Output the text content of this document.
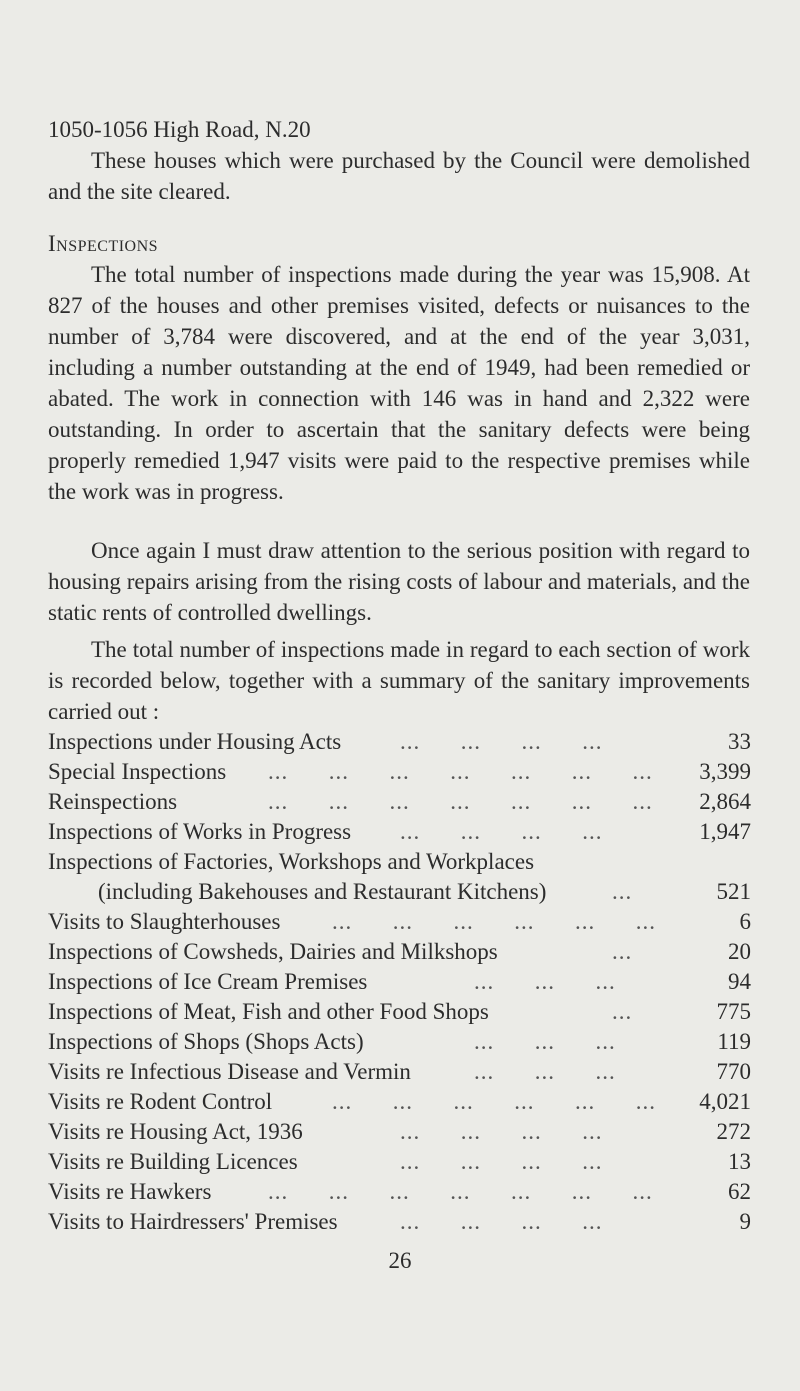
1050-1056 High Road, N.20

These houses which were purchased by the Council were demolished and the site cleared.

Inspections

The total number of inspections made during the year was 15,908. At 827 of the houses and other premises visited, defects or nuisances to the number of 3,784 were discovered, and at the end of the year 3,031, including a number outstanding at the end of 1949, had been remedied or abated. The work in connection with 146 was in hand and 2,322 were outstanding. In order to ascertain that the sanitary defects were being properly remedied 1,947 visits were paid to the respective premises while the work was in progress.

Once again I must draw attention to the serious position with regard to housing repairs arising from the rising costs of labour and materials, and the static rents of controlled dwellings.

The total number of inspections made in regard to each section of work is recorded below, together with a summary of the sanitary improvements carried out :

Inspections under Housing Acts	...      ...      ...      ...	33
Special Inspections ...      ...      ...      ...      ...      ...      ... 3,399
Reinspections	...      ...      ...      ...      ...      ...      ... 2,864
Inspections of Works in Progress ...      ...      ...      ...	1,947
Inspections of Factories, Workshops and Workplaces
(including Bakehouses and Restaurant Kitchens)	...	521
Visits to Slaughterhouses ...      ...      ...      ...      ...      ...	6
Inspections of Cowsheds, Dairies and Milkshops	...	20
Inspections of Ice Cream Premises	...      ...      ...	94
Inspections of Meat, Fish and other Food Shops	...	775
Inspections of Shops (Shops Acts)	...      ...      ...	119
Visits re Infectious Disease and Vermin	...      ...      ...	770
Visits re Rodent Control	...      ...      ...      ...      ...      ... 4,021
Visits re Housing Act, 1936	...      ...      ...      ...	272
Visits re Building Licences	...      ...      ...      ...	13
Visits re Hawkers ...      ...      ...      ...      ...      ...      ...	62
Visits to Hairdressers' Premises	...      ...      ...      ...	9
26
